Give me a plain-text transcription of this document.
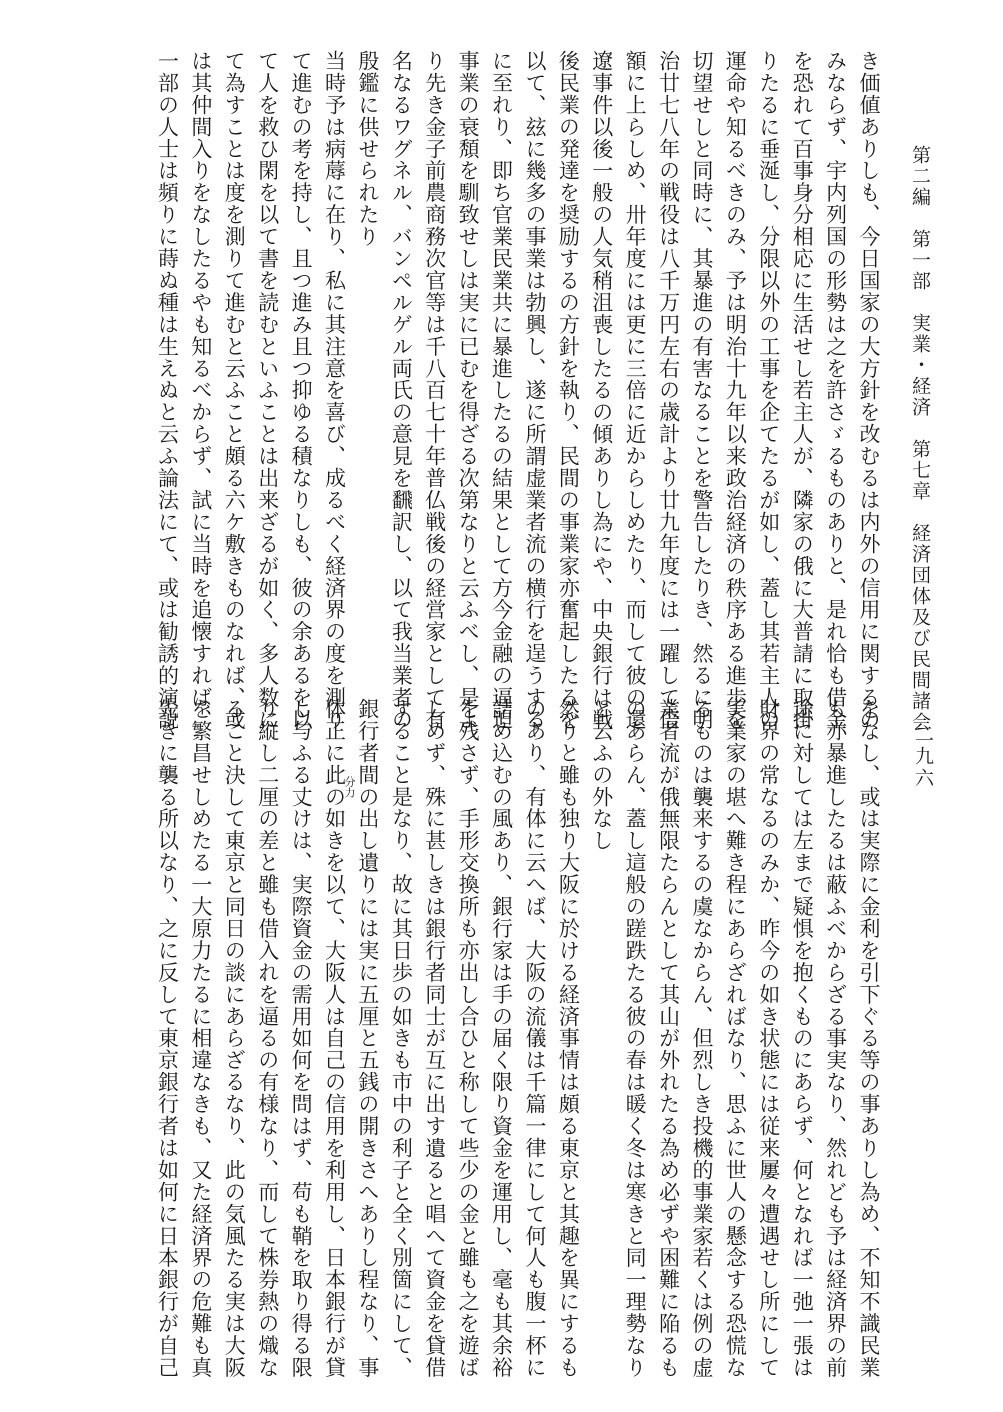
第二編　第一部　実業・経済　第七章　経済団体及び民間諸会
二九六
き価値ありしも、今日国家の大方針を改むるは内外の信用に関するの
みならず、宇内列国の形勢は之を許さゞるものありと、是れ恰も借金
を恐れて百事身分相応に生活せし若主人が、隣家の俄に大普請に取掛
りたるに垂涎し、分限以外の工事を企てたるが如し、蓋し其若主人の
運命や知るべきのみ、予は明治十九年以来政治経済の秩序ある進歩を
切望せしと同時に、其暴進の有害なることを警告したりき、然るに明
治廿七八年の戦役は八千万円左右の歳計より廿九年度には一躍して倍
額に上らしめ、卅年度には更に三倍に近からしめたり、而して彼の還
遼事件以後一般の人気稍沮喪したるの傾ありし為にや、中央銀行は戦
後民業の発達を奨励するの方針を執り、民間の事業家亦奮起したるを
以て、玆に幾多の事業は勃興し、遂に所謂虚業者流の横行を逞うする
に至れり、即ち官業民業共に暴進したるの結果として方今金融の逼迫
事業の衰頽を馴致せしは実に已むを得ざる次第なりと云ふべし、是よ
り先き金子前農商務次官等は千八百七十年普仏戦後の経営家として有
名なるワグネル、バンペルゲル両氏の意見を飜訳し、以て我当業者の
殷鑑に供せられたり
当時予は病蓐に在り、私に其注意を喜び、成るべく経済界の度を測り
て進むの考を持し、且つ進み且つ抑ゆる積なりしも、彼の余あるを以
て人を救ひ閑を以て書を読むといふことは出来ざるが如く、多人数に
て為すことは度を測りて進むと云ふこと頗る六ケ敷きものなれば、或
は其仲間入りをなしたるやも知るべからず、試に当時を追懐すれば、
一部の人士は頻りに蒔ぬ種は生えぬと云ふ論法にて、或は勧誘的演説
をなし、或は実際に金利を引下ぐる等の事ありし為め、不知不識民業
も亦暴進したるは蔽ふべからざる事実なり、然れども予は経済界の前
途に対しては左まで疑惧を抱くものにあらず、何となれば一弛一張は
財界の常なるのみか、昨今の如き状態には従来屢々遭遇せし所にして
実業家の堪へ難き程にあらざればなり、思ふに世人の懸念する恐慌な
るものは襲来するの虞なからん、但烈しき投機的事業家若くは例の虚
業者流が俄無限たらんとして其山が外れたる為め必ずや困難に陥るも
のあらん、蓋し這般の蹉跌たる彼の春は暖く冬は寒きと同一理勢なり
と云ふの外なし
然りと雖も独り大阪に於ける経済事情は頗る東京と其趣を異にするも
のあり、有体に云へば、大阪の流儀は千篇一律にして何人も腹一杯に
詰め込むの風あり、銀行家は手の届く限り資金を運用し、毫も其余裕
を残さず、手形交換所も亦出し合ひと称して些少の金と雖も之を遊ば
しめず、殊に甚しきは銀行者同士が互に出す遺ると唱へて資金を貸借
すること是なり、故に其日歩の如きも市中の利子と全く別箇にして、
銀行者間の出し遺りには実に五厘と五銭の開きさへありし程なり、事
体正に此の如きを以て、大阪人は自己の信用を利用し、日本銀行が貸
し与ふる丈けは、実際資金の需用如何を問はず、苟も鞘を取り得る限
り縦し二厘の差と雖も借入れを逼るの有様なり、而して株券熱の熾な
ること決して東京と同日の談にあらざるなり、此の気風たる実は大阪
を繁昌せしめたる一大原力たるに相違なきも、又た経済界の危難も真
先きに襲る所以なり、之に反して東京銀行者は如何に日本銀行が自己	分力
